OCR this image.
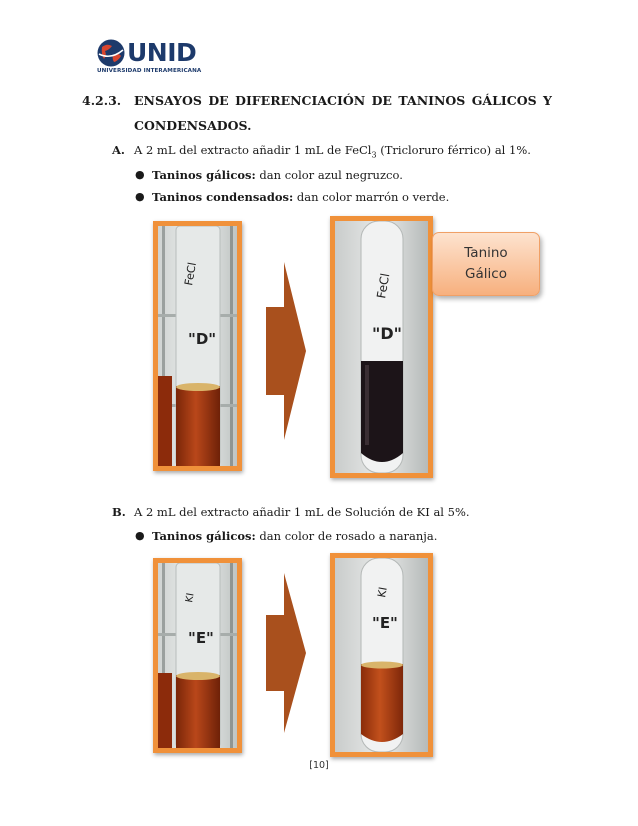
UNID
UNIVERSIDAD INTERAMERICANA
4.2.3. ENSAYOS DE DIFERENCIACIÓN DE TANINOS GÁLICOS Y
CONDENSADOS.
A. A 2 mL del extracto añadir 1 mL de FeCl$_3$ (Tricloruro férrico) al 1%.
● Taninos gálicos: dan color azul negruzco.
● Taninos condensados: dan color marrón o verde.
FeCl
"D"
FeCl
"D"
Tanino
Gálico
B. A 2 mL del extracto añadir 1 mL de Solución de KI al 5%.
● Taninos gálicos: dan color de rosado a naranja.
KI
"E"
KI
"E"
[10]
